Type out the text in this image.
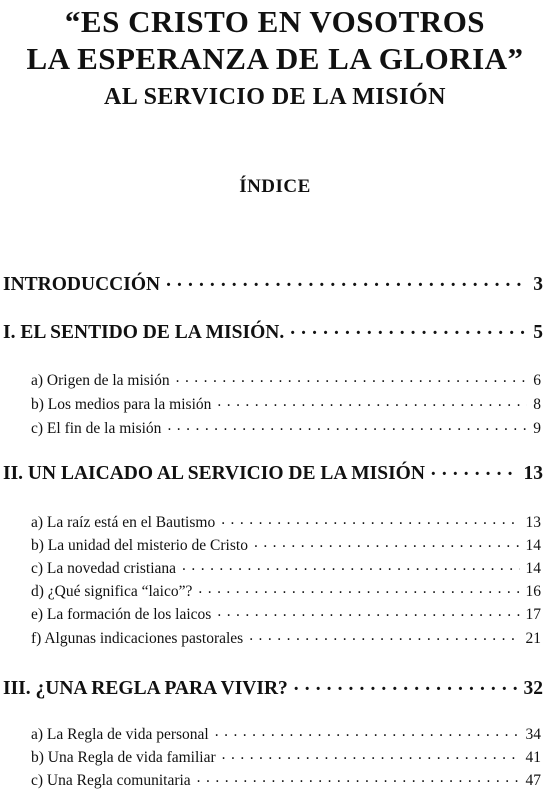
“ES CRISTO EN VOSOTROS
LA ESPERANZA DE LA GLORIA”
AL SERVICIO DE LA MISIÓN
ÍNDICE
INTRODUCCIÓN . . .	3
I. EL SENTIDO DE LA MISIÓN. . . .	5
a) Origen de la misión . . .	6
b) Los medios para la misión . . .	8
c) El fin de la misión . . .	9
II. UN LAICADO AL SERVICIO DE LA MISIÓN . . .	13
a) La raíz está en el Bautismo . . .	13
b) La unidad del misterio de Cristo . . .	14
c) La novedad cristiana . . .	14
d) ¿Qué significa “laico”? . . .	16
e) La formación de los laicos . . .	17
f) Algunas indicaciones pastorales . . .	21
III. ¿UNA REGLA PARA VIVIR? . . .	32
a) La Regla de vida personal . . .	34
b) Una Regla de vida familiar . . .	41
c) Una Regla comunitaria . . .	47
